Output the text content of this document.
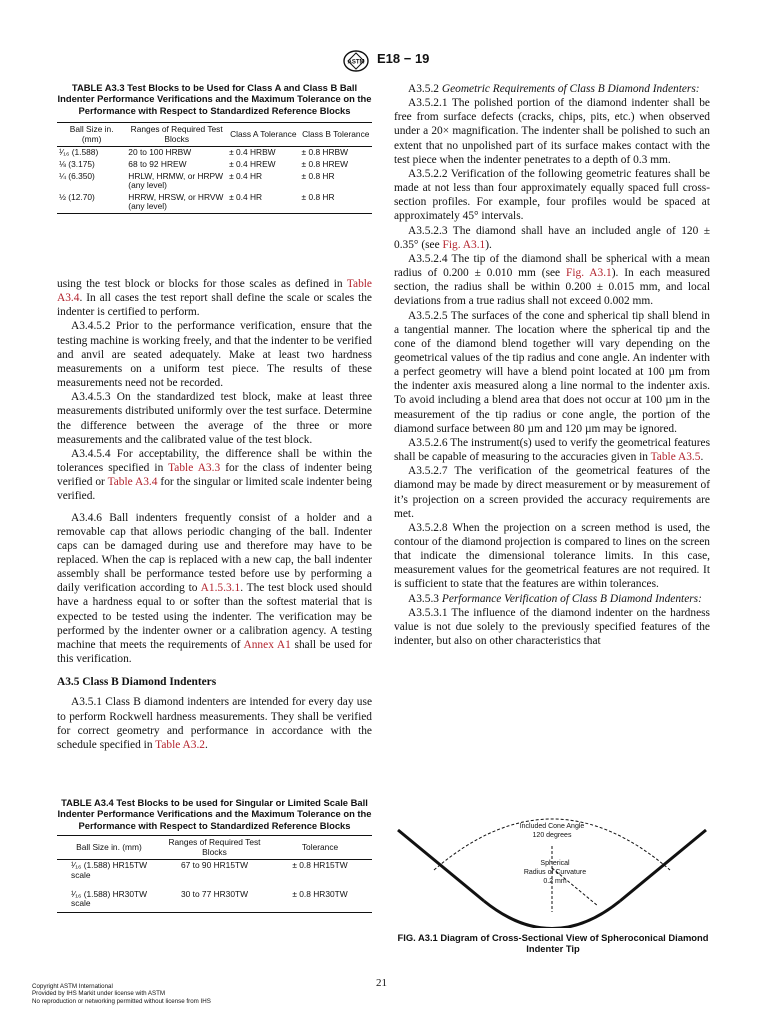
ASTM E18 − 19
TABLE A3.3 Test Blocks to be Used for Class A and Class B Ball Indenter Performance Verifications and the Maximum Tolerance on the Performance with Respect to Standardized Reference Blocks
Ball Size in. (mm)	Ranges of Required Test Blocks	Class A Tolerance	Class B Tolerance
¹⁄₁₆ (1.588)	20 to 100 HRBW	± 0.4 HRBW	± 0.8 HRBW
⅛ (3.175)	68 to 92 HREW	± 0.4 HREW	± 0.8 HREW
¼ (6.350)	HRLW, HRMW, or HRPW (any level)	± 0.4 HR	± 0.8 HR
½ (12.70)	HRRW, HRSW, or HRVW (any level)	± 0.4 HR	± 0.8 HR

using the test block or blocks for those scales as defined in Table A3.4. In all cases the test report shall define the scale or scales the indenter is certified to perform.

A3.4.5.2 Prior to the performance verification, ensure that the testing machine is working freely, and that the indenter to be verified and anvil are seated adequately. Make at least two hardness measurements on a uniform test piece. The results of these measurements need not be recorded.

A3.4.5.3 On the standardized test block, make at least three measurements distributed uniformly over the test surface. Determine the difference between the average of the three or more measurements and the calibrated value of the test block.

A3.4.5.4 For acceptability, the difference shall be within the tolerances specified in Table A3.3 for the class of indenter being verified or Table A3.4 for the singular or limited scale indenter being verified.

A3.4.6 Ball indenters frequently consist of a holder and a removable cap that allows periodic changing of the ball. Indenter caps can be damaged during use and therefore may have to be replaced. When the cap is replaced with a new cap, the ball indenter assembly shall be performance tested before use by performing a daily verification according to A1.5.3.1. The test block used should have a hardness equal to or softer than the softest material that is expected to be tested using the indenter. The verification may be performed by the indenter owner or a calibration agency. A testing machine that meets the requirements of Annex A1 shall be used for this verification.

A3.5 Class B Diamond Indenters

A3.5.1 Class B diamond indenters are intended for every day use to perform Rockwell hardness measurements. They shall be verified for correct geometry and performance in accordance with the schedule specified in Table A3.2.

TABLE A3.4 Test Blocks to be used for Singular or Limited Scale Ball Indenter Performance Verifications and the Maximum Tolerance on the Performance with Respect to Standardized Reference Blocks
Ball Size in. (mm)	Ranges of Required Test Blocks	Tolerance
¹⁄₁₆ (1.588) HR15TW scale	67 to 90 HR15TW	± 0.8 HR15TW
¹⁄₁₆ (1.588) HR30TW scale	30 to 77 HR30TW	± 0.8 HR30TW

A3.5.2 Geometric Requirements of Class B Diamond Indenters:

A3.5.2.1 The polished portion of the diamond indenter shall be free from surface defects (cracks, chips, pits, etc.) when observed under a 20× magnification. The indenter shall be polished to such an extent that no unpolished part of its surface makes contact with the test piece when the indenter penetrates to a depth of 0.3 mm.

A3.5.2.2 Verification of the following geometric features shall be made at not less than four approximately equally spaced full cross-section profiles. For example, four profiles would be spaced at approximately 45° intervals.

A3.5.2.3 The diamond shall have an included angle of 120 ± 0.35° (see Fig. A3.1).

A3.5.2.4 The tip of the diamond shall be spherical with a mean radius of 0.200 ± 0.010 mm (see Fig. A3.1). In each measured section, the radius shall be within 0.200 ± 0.015 mm, and local deviations from a true radius shall not exceed 0.002 mm.

A3.5.2.5 The surfaces of the cone and spherical tip shall blend in a tangential manner. The location where the spherical tip and the cone of the diamond blend together will vary depending on the geometrical values of the tip radius and cone angle. An indenter with a perfect geometry will have a blend point located at 100 µm from the indenter axis measured along a line normal to the indenter axis. To avoid including a blend area that does not occur at 100 µm in the measurement of the tip radius or cone angle, the portion of the diamond surface between 80 µm and 120 µm may be ignored.

A3.5.2.6 The instrument(s) used to verify the geometrical features shall be capable of measuring to the accuracies given in Table A3.5.

A3.5.2.7 The verification of the geometrical features of the diamond may be made by direct measurement or by measurement of it’s projection on a screen provided the accuracy requirements are met.

A3.5.2.8 When the projection on a screen method is used, the contour of the diamond projection is compared to lines on the screen that indicate the dimensional tolerance limits. In this case, measurement values for the geometrical features are not required. It is sufficient to state that the features are within tolerances.

A3.5.3 Performance Verification of Class B Diamond Indenters:

A3.5.3.1 The influence of the diamond indenter on the hardness value is not due solely to the previously specified features of the indenter, but also on other characteristics that

Included Cone Angle
120 degrees
Spherical
Radius of Curvature
0.2 mm
FIG. A3.1 Diagram of Cross-Sectional View of Spheroconical Diamond Indenter Tip
Copyright ASTM International
Provided by IHS Markit under license with ASTM
No reproduction or networking permitted without license from IHS
21
